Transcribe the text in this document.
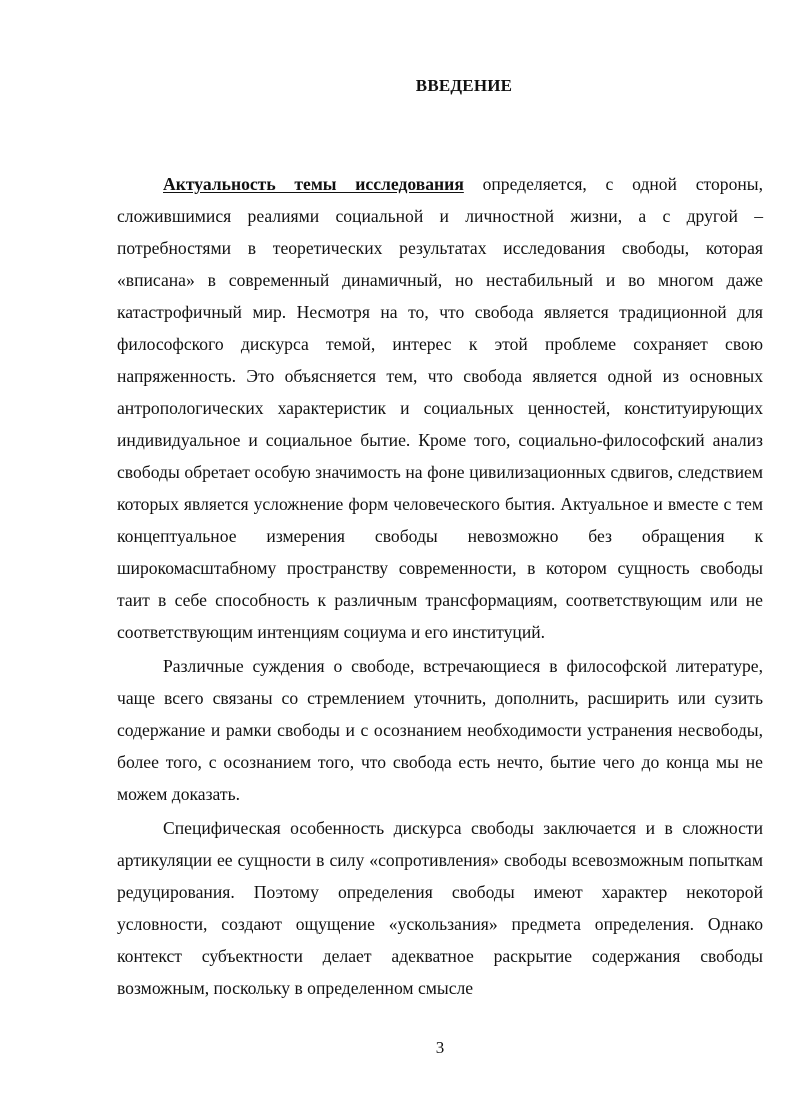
ВВЕДЕНИЕ

Актуальность темы исследования определяется, с одной стороны, сложившимися реалиями социальной и личностной жизни, а с другой – потребностями в теоретических результатах исследования свободы, которая «вписана» в современный динамичный, но нестабильный и во многом даже катастрофичный мир. Несмотря на то, что свобода является традиционной для философского дискурса темой, интерес к этой проблеме сохраняет свою напряженность. Это объясняется тем, что свобода является одной из основных антропологических характеристик и социальных ценностей, конституирующих индивидуальное и социальное бытие. Кроме того, социально-философский анализ свободы обретает особую значимость на фоне цивилизационных сдвигов, следствием которых является усложнение форм человеческого бытия. Актуальное и вместе с тем концептуальное измерения свободы невозможно без обращения к широкомасштабному пространству современности, в котором сущность свободы таит в себе способность к различным трансформациям, соответствующим или не соответствующим интенциям социума и его институций.

Различные суждения о свободе, встречающиеся в философской литературе, чаще всего связаны со стремлением уточнить, дополнить, расширить или сузить содержание и рамки свободы и с осознанием необходимости устранения несвободы, более того, с осознанием того, что свобода есть нечто, бытие чего до конца мы не можем доказать.

Специфическая особенность дискурса свободы заключается и в сложности артикуляции ее сущности в силу «сопротивления» свободы всевозможным попыткам редуцирования. Поэтому определения свободы имеют характер некоторой условности, создают ощущение «ускользания» предмета определения. Однако контекст субъектности делает адекватное раскрытие содержания свободы возможным, поскольку в определенном смысле

3
